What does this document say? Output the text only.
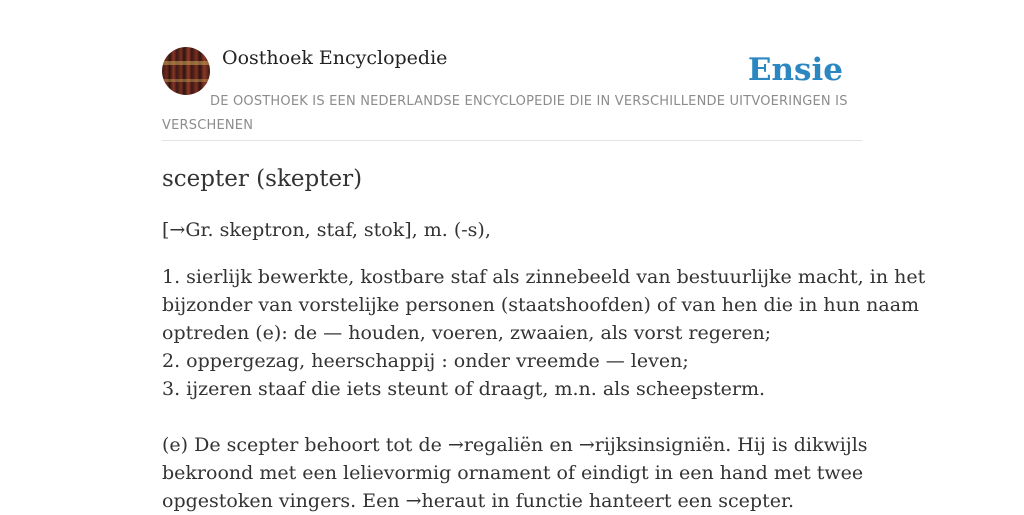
Oosthoek Encyclopedie	Ensie
DE OOSTHOEK IS EEN NEDERLANDSE ENCYCLOPEDIE DIE IN VERSCHILLENDE UITVOERINGEN IS VERSCHENEN
scepter (skepter)
[→Gr. skeptron, staf, stok], m. (-s),
1. sierlijk bewerkte, kostbare staf als zinnebeeld van bestuurlijke macht, in het
bijzonder van vorstelijke personen (staatshoofden) of van hen die in hun naam
optreden (e): de — houden, voeren, zwaaien, als vorst regeren;
2. oppergezag, heerschappij : onder vreemde — leven;
3. ijzeren staaf die iets steunt of draagt, m.n. als scheepsterm.
(e) De scepter behoort tot de →regaliën en →rijksinsigniën. Hij is dikwijls
bekroond met een lelievormig ornament of eindigt in een hand met twee
opgestoken vingers. Een →heraut in functie hanteert een scepter.
